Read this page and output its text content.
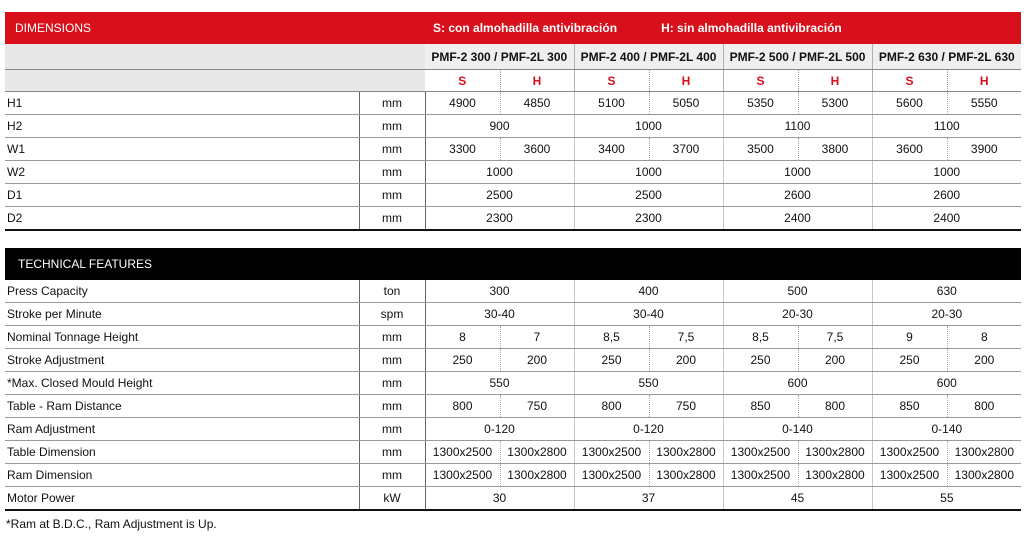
DIMENSIONS		S: con almohadilla antivibración H: sin almohadilla antivibración							
		PMF-2 300 / PMF-2L 300		PMF-2 400 / PMF-2L 400		PMF-2 500 / PMF-2L 500		PMF-2 630 / PMF-2L 630	
		S	H	S	H	S	H	S	H
H1	mm	4900	4850	5100	5050	5350	5300	5600	5550
H2	mm	900		1000		1100		1100	
W1	mm	3300	3600	3400	3700	3500	3800	3600	3900
W2	mm	1000		1000		1000		1000	
D1	mm	2500		2500		2600		2600	
D2	mm	2300		2300		2400		2400	
TECHNICAL FEATURES									
Press Capacity	ton	300		400		500		630	
Stroke per Minute	spm	30-40		30-40		20-30		20-30	
Nominal Tonnage Height	mm	8	7	8,5	7,5	8,5	7,5	9	8
Stroke Adjustment	mm	250	200	250	200	250	200	250	200
*Max. Closed Mould Height	mm	550		550		600		600	
Table - Ram Distance	mm	800	750	800	750	850	800	850	800
Ram Adjustment	mm	0-120		0-120		0-140		0-140	
Table Dimension	mm	1300x2500	1300x2800	1300x2500	1300x2800	1300x2500	1300x2800	1300x2500	1300x2800
Ram Dimension	mm	1300x2500	1300x2800	1300x2500	1300x2800	1300x2500	1300x2800	1300x2500	1300x2800
Motor Power	kW	30		37		45		55	
*Ram at B.D.C., Ram Adjustment is Up.
